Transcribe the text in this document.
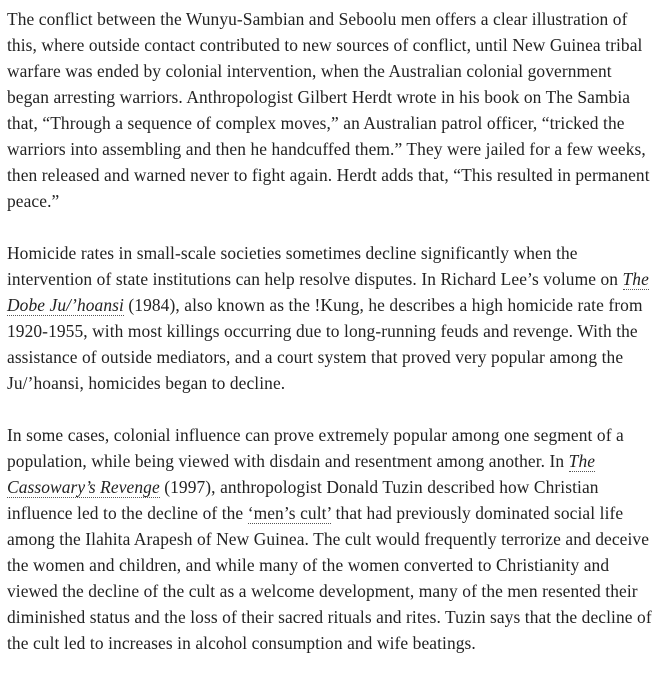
The conflict between the Wunyu-Sambian and Seboolu men offers a clear illustration of this, where outside contact contributed to new sources of conflict, until New Guinea tribal warfare was ended by colonial intervention, when the Australian colonial government began arresting warriors. Anthropologist Gilbert Herdt wrote in his book on The Sambia that, “Through a sequence of complex moves,” an Australian patrol officer, “tricked the warriors into assembling and then he handcuffed them.” They were jailed for a few weeks, then released and warned never to fight again. Herdt adds that, “This resulted in permanent peace.”

Homicide rates in small-scale societies sometimes decline significantly when the intervention of state institutions can help resolve disputes. In Richard Lee’s volume on The Dobe Ju/’hoansi (1984), also known as the !Kung, he describes a high homicide rate from 1920-1955, with most killings occurring due to long-running feuds and revenge. With the assistance of outside mediators, and a court system that proved very popular among the Ju/’hoansi, homicides began to decline.

In some cases, colonial influence can prove extremely popular among one segment of a population, while being viewed with disdain and resentment among another. In The Cassowary’s Revenge (1997), anthropologist Donald Tuzin described how Christian influence led to the decline of the ‘men’s cult’ that had previously dominated social life among the Ilahita Arapesh of New Guinea. The cult would frequently terrorize and deceive the women and children, and while many of the women converted to Christianity and viewed the decline of the cult as a welcome development, many of the men resented their diminished status and the loss of their sacred rituals and rites. Tuzin says that the decline of the cult led to increases in alcohol consumption and wife beatings.
